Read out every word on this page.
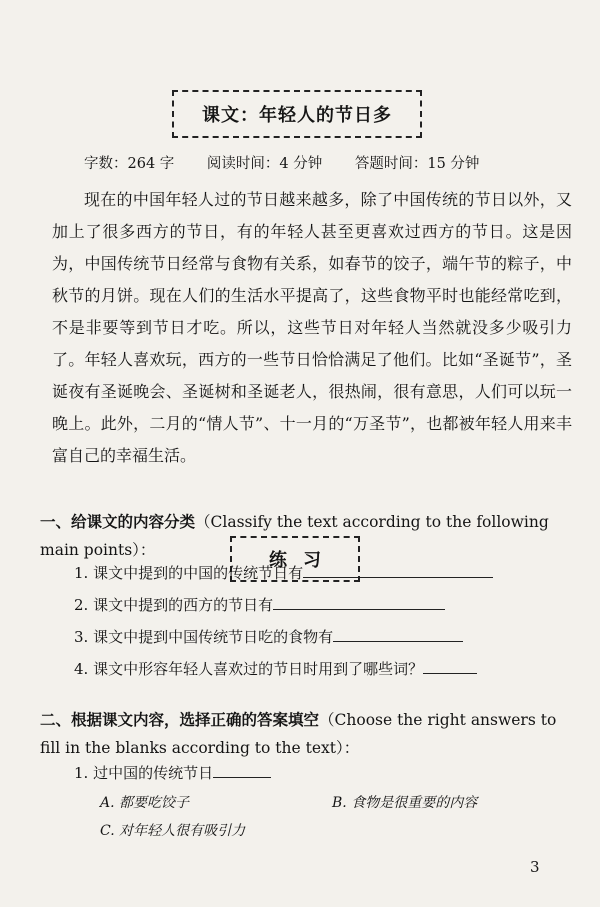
课文：年轻人的节日多
字数：264 字 阅读时间：4 分钟 答题时间：15 分钟

现在的中国年轻人过的节日越来越多，除了中国传统的节日以外，又加上了很多西方的节日，有的年轻人甚至更喜欢过西方的节日。这是因为，中国传统节日经常与食物有关系，如春节的饺子，端午节的粽子，中秋节的月饼。现在人们的生活水平提高了，这些食物平时也能经常吃到，不是非要等到节日才吃。所以，这些节日对年轻人当然就没多少吸引力了。年轻人喜欢玩，西方的一些节日恰恰满足了他们。比如“圣诞节”，圣诞夜有圣诞晚会、圣诞树和圣诞老人，很热闹，很有意思，人们可以玩一晚上。此外，二月的“情人节”、十一月的“万圣节”，也都被年轻人用来丰富自己的幸福生活。

练习

一、给课文的内容分类（Classify the text according to the following main points）：

1. 课文中提到的中国的传统节日有
2. 课文中提到的西方的节日有
3. 课文中提到中国传统节日吃的食物有
4. 课文中形容年轻人喜欢过的节日时用到了哪些词？

二、根据课文内容，选择正确的答案填空（Choose the right answers to fill in the blanks according to the text）：

1. 过中国的传统节日
A. 都要吃饺子	B. 食物是很重要的内容
C. 对年轻人很有吸引力
3
